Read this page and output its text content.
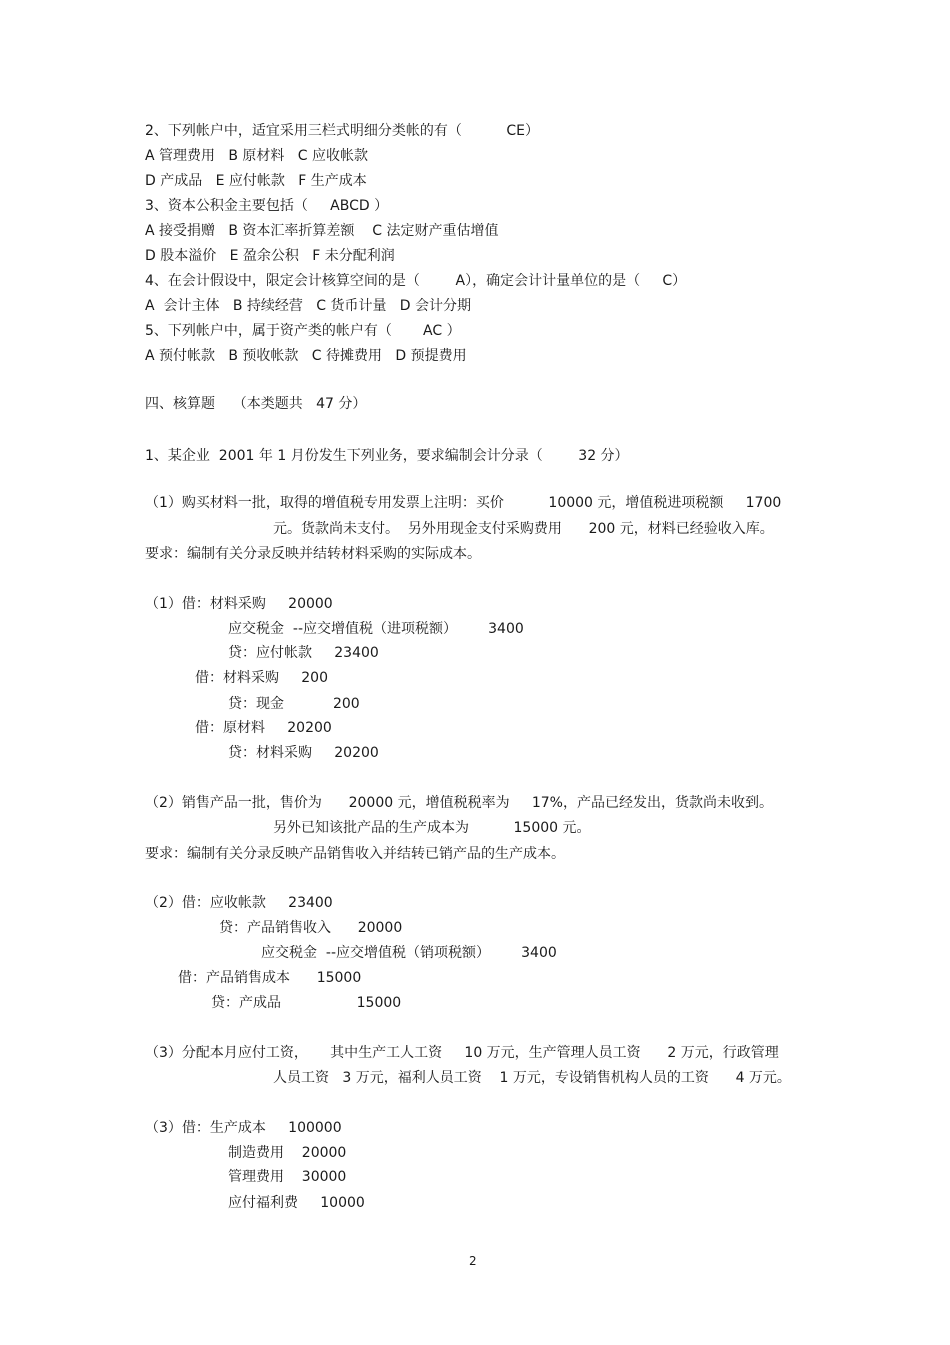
2、下列帐户中，适宜采用三栏式明细分类帐的有（          CE）
A 管理费用   B 原材料   C 应收帐款
D 产成品   E 应付帐款   F 生产成本
3、资本公积金主要包括（     ABCD ）
A 接受捐赠   B 资本汇率折算差额    C 法定财产重估增值
D 股本溢价   E 盈余公积   F 未分配利润
4、在会计假设中，限定会计核算空间的是（        A），确定会计计量单位的是（     C）
A  会计主体   B 持续经营   C 货币计量   D 会计分期
5、下列帐户中，属于资产类的帐户有（       AC ）
A 预付帐款   B 预收帐款   C 待摊费用   D 预提费用
四、核算题    （本类题共   47 分）
1、某企业  2001 年 1 月份发生下列业务，要求编制会计分录（        32 分）
（1）购买材料一批，取得的增值税专用发票上注明：买价          10000 元，增值税进项税额     1700
元。货款尚未支付。  另外用现金支付采购费用      200 元，材料已经验收入库。
要求：编制有关分录反映并结转材料采购的实际成本。
（1）借：材料采购     20000
应交税金  --应交增值税（进项税额）       3400
贷：应付帐款     23400
借：材料采购     200
贷：现金           200
借：原材料     20200
贷：材料采购     20200
（2）销售产品一批，售价为      20000 元，增值税税率为     17%，产品已经发出，货款尚未收到。
另外已知该批产品的生产成本为          15000 元。
要求：编制有关分录反映产品销售收入并结转已销产品的生产成本。
（2）借：应收帐款     23400
贷：产品销售收入      20000
应交税金  --应交增值税（销项税额）       3400
借：产品销售成本      15000
贷：产成品                 15000
（3）分配本月应付工资，     其中生产工人工资     10 万元，生产管理人员工资      2 万元，行政管理
人员工资   3 万元，福利人员工资    1 万元，专设销售机构人员的工资      4 万元。
（3）借：生产成本     100000
制造费用    20000
管理费用    30000
应付福利费     10000
2
